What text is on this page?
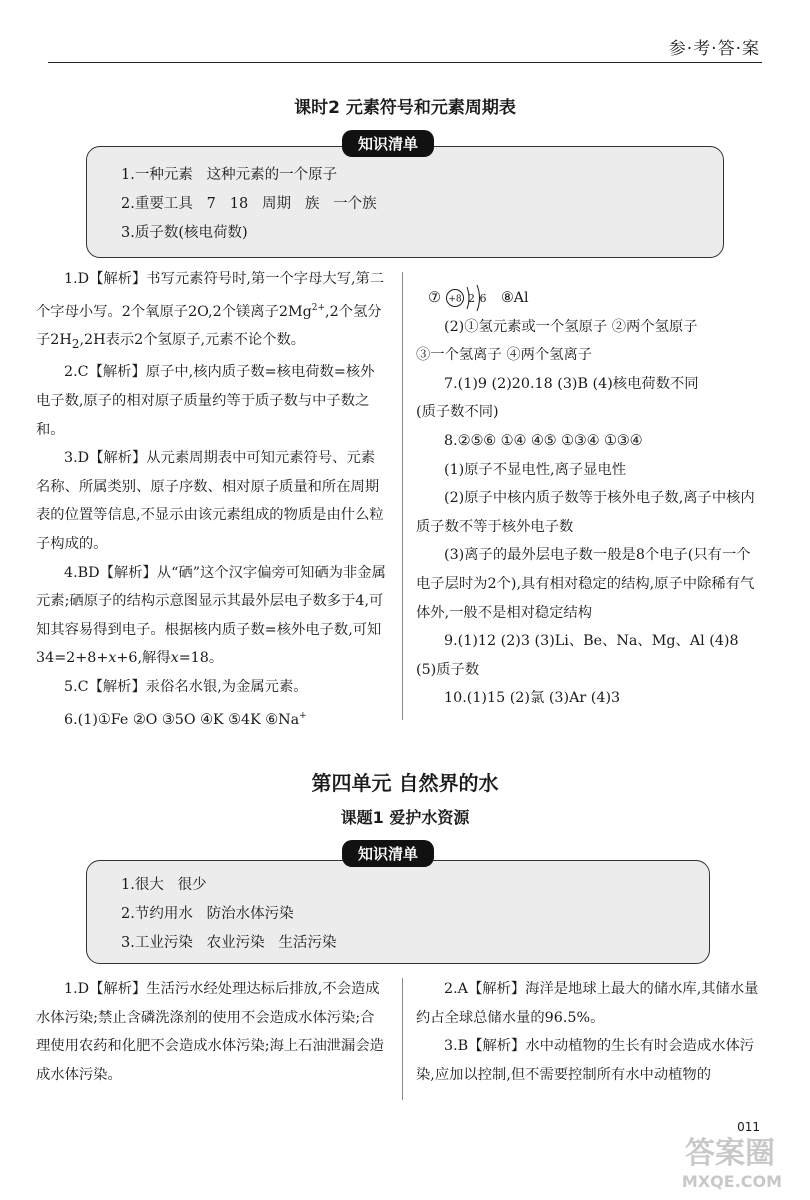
参·考·答·案
课时2 元素符号和元素周期表
知识清单

1.一种元素   这种元素的一个原子

2.重要工具   7   18   周期   族   一个族

3.质子数(核电荷数)

1.D【解析】书写元素符号时,第一个字母大写,第二个字母小写。2个氧原子2O,2个镁离子$2Mg^{2+},2$个氢分子$2H_2,2H$表示2个氢原子,元素不论个数。

2.C【解析】原子中,核内质子数=核电荷数=核外电子数,原子的相对原子质量约等于质子数与中子数之和。

3.D【解析】从元素周期表中可知元素符号、元素名称、所属类别、原子序数、相对原子质量和所在周期表的位置等信息,不显示由该元素组成的物质是由什么粒子构成的。

4.BD【解析】从“硒”这个汉字偏旁可知硒为非金属元素;硒原子的结构示意图显示其最外层电子数多于4,可知其容易得到电子。根据核内质子数=核外电子数,可知34=2+8+x+6,解得x=18。

5.C【解析】汞俗名水银,为金属元素。

6.(1)①Fe ②O ③5O ④K ⑤4K ⑥Na+

⑦ +8 2 6 ⑧Al

(2)①氢元素或一个氢原子 ②两个氢原子

③一个氢离子 ④两个氢离子

7.(1)9 (2)20.18 (3)B (4)核电荷数不同

(质子数不同)

8.②⑤⑥ ①④ ④⑤ ①③④ ①③④

(1)原子不显电性,离子显电性

(2)原子中核内质子数等于核外电子数,离子中核内质子数不等于核外电子数

(3)离子的最外层电子数一般是8个电子(只有一个电子层时为2个),具有相对稳定的结构,原子中除稀有气体外,一般不是相对稳定结构

9.(1)12 (2)3 (3)Li、Be、Na、Mg、Al (4)8

(5)质子数

10.(1)15 (2)氯 (3)Ar (4)3

第四单元 自然界的水
课题1 爱护水资源
知识清单

1.很大   很少

2.节约用水   防治水体污染

3.工业污染   农业污染   生活污染

1.D【解析】生活污水经处理达标后排放,不会造成水体污染;禁止含磷洗涤剂的使用不会造成水体污染;合理使用农药和化肥不会造成水体污染;海上石油泄漏会造成水体污染。

2.A【解析】海洋是地球上最大的储水库,其储水量约占全球总储水量的96.5%。

3.B【解析】水中动植物的生长有时会造成水体污染,应加以控制,但不需要控制所有水中动植物的

011
答案圈
MXQE.COM
